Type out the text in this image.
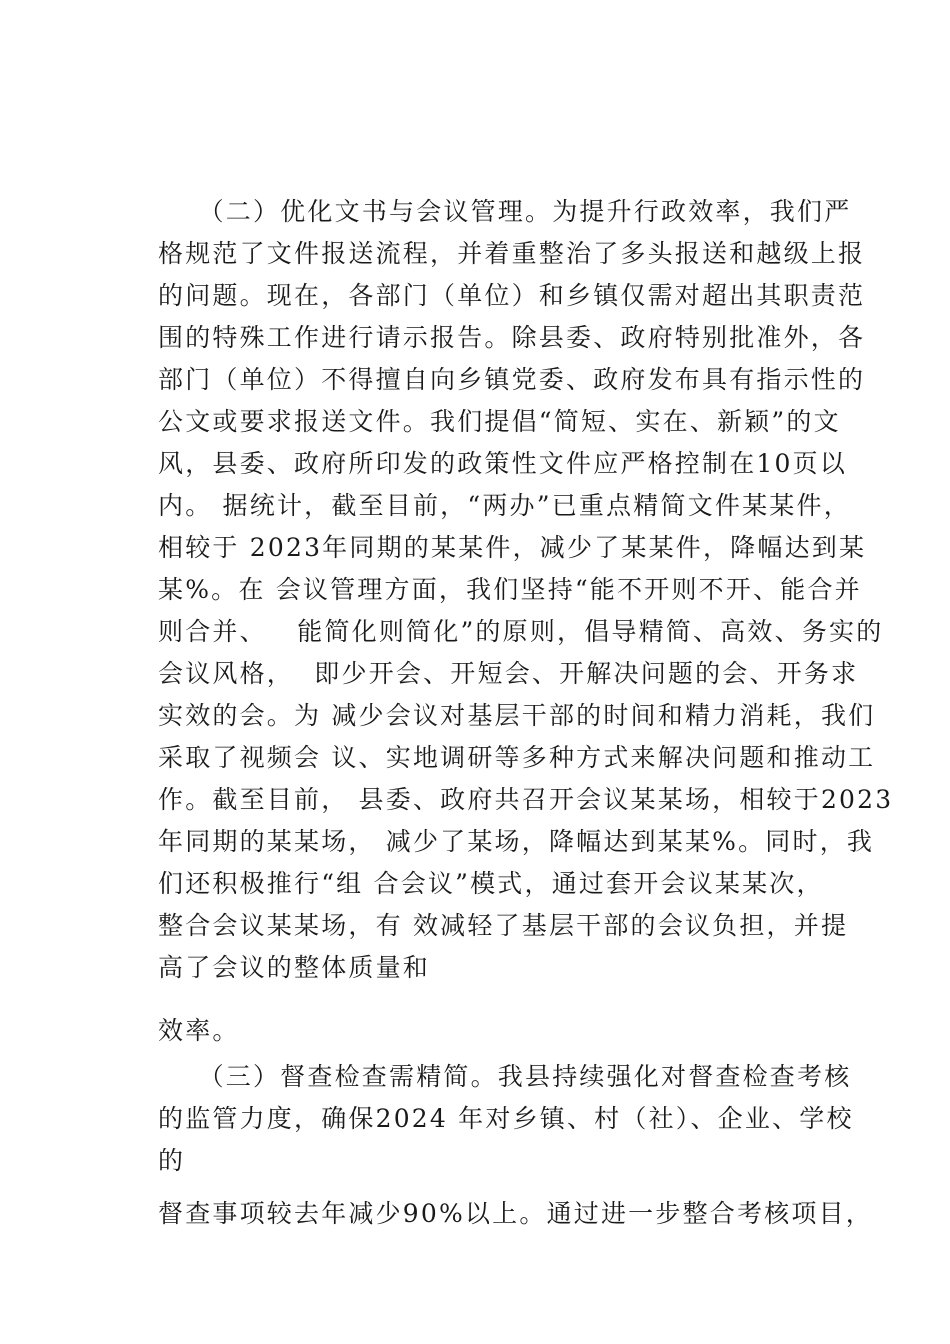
（二）优化文书与会议管理。为提升行政效率，我们严

格规范了文件报送流程，并着重整治了多头报送和越级上报

的问题。现在，各部门（单位）和乡镇仅需对超出其职责范

围的特殊工作进行请示报告。除县委、政府特别批准外，各

部门（单位）不得擅自向乡镇党委、政府发布具有指示性的

公文或要求报送文件。我们提倡“简短、实在、新颖”的文

风，县委、政府所印发的政策性文件应严格控制在10页以

内。 据统计，截至目前，“两办”已重点精简文件某某件，

相较于 2023年同期的某某件，减少了某某件，降幅达到某

某%。在 会议管理方面，我们坚持“能不开则不开、能合并

则合并、   能简化则简化”的原则，倡导精简、高效、务实的

会议风格，  即少开会、开短会、开解决问题的会、开务求

实效的会。为 减少会议对基层干部的时间和精力消耗，我们

采取了视频会 议、实地调研等多种方式来解决问题和推动工

作。截至目前， 县委、政府共召开会议某某场，相较于2023

年同期的某某场， 减少了某场，降幅达到某某%。同时，我

们还积极推行“组 合会议”模式，通过套开会议某某次，

整合会议某某场，有 效减轻了基层干部的会议负担，并提

高了会议的整体质量和

效率。

（三）督查检查需精简。我县持续强化对督查检查考核

的监管力度，确保2024 年对乡镇、村（社）、企业、学校

的

督查事项较去年减少90%以上。通过进一步整合考核项目，
